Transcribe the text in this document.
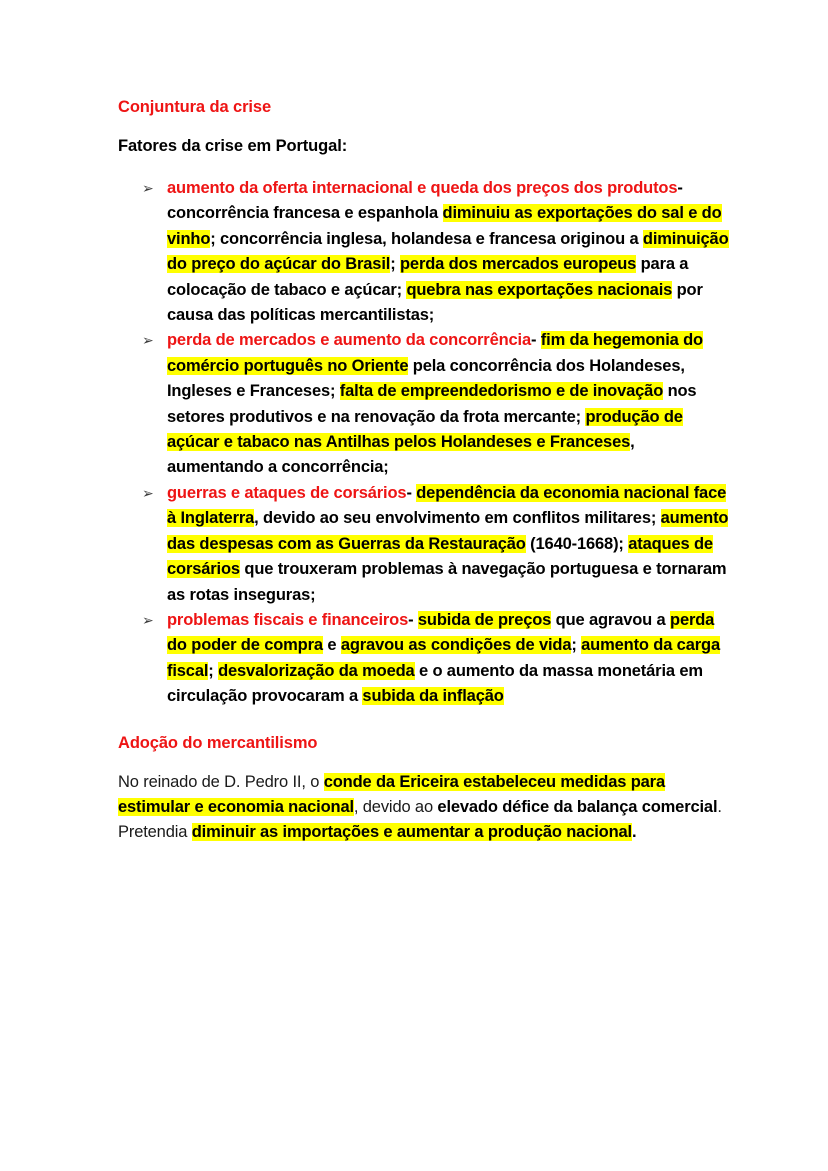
Conjuntura da crise

Fatores da crise em Portugal:

➢ aumento da oferta internacional e queda dos preços dos produtos- concorrência francesa e espanhola diminuiu as exportações do sal e do vinho; concorrência inglesa, holandesa e francesa originou a diminuição do preço do açúcar do Brasil; perda dos mercados europeus para a colocação de tabaco e açúcar; quebra nas exportações nacionais por causa das políticas mercantilistas;
➢ perda de mercados e aumento da concorrência- fim da hegemonia do comércio português no Oriente pela concorrência dos Holandeses, Ingleses e Franceses; falta de empreendedorismo e de inovação nos setores produtivos e na renovação da frota mercante; produção de açúcar e tabaco nas Antilhas pelos Holandeses e Franceses, aumentando a concorrência;
➢ guerras e ataques de corsários- dependência da economia nacional face à Inglaterra, devido ao seu envolvimento em conflitos militares; aumento das despesas com as Guerras da Restauração (1640-1668); ataques de corsários que trouxeram problemas à navegação portuguesa e tornaram as rotas inseguras;
➢ problemas fiscais e financeiros- subida de preços que agravou a perda do poder de compra e agravou as condições de vida; aumento da carga fiscal; desvalorização da moeda e o aumento da massa monetária em circulação provocaram a subida da inflação
Adoção do mercantilismo

No reinado de D. Pedro II, o conde da Ericeira estabeleceu medidas para estimular e economia nacional, devido ao elevado défice da balança comercial. Pretendia diminuir as importações e aumentar a produção nacional.
